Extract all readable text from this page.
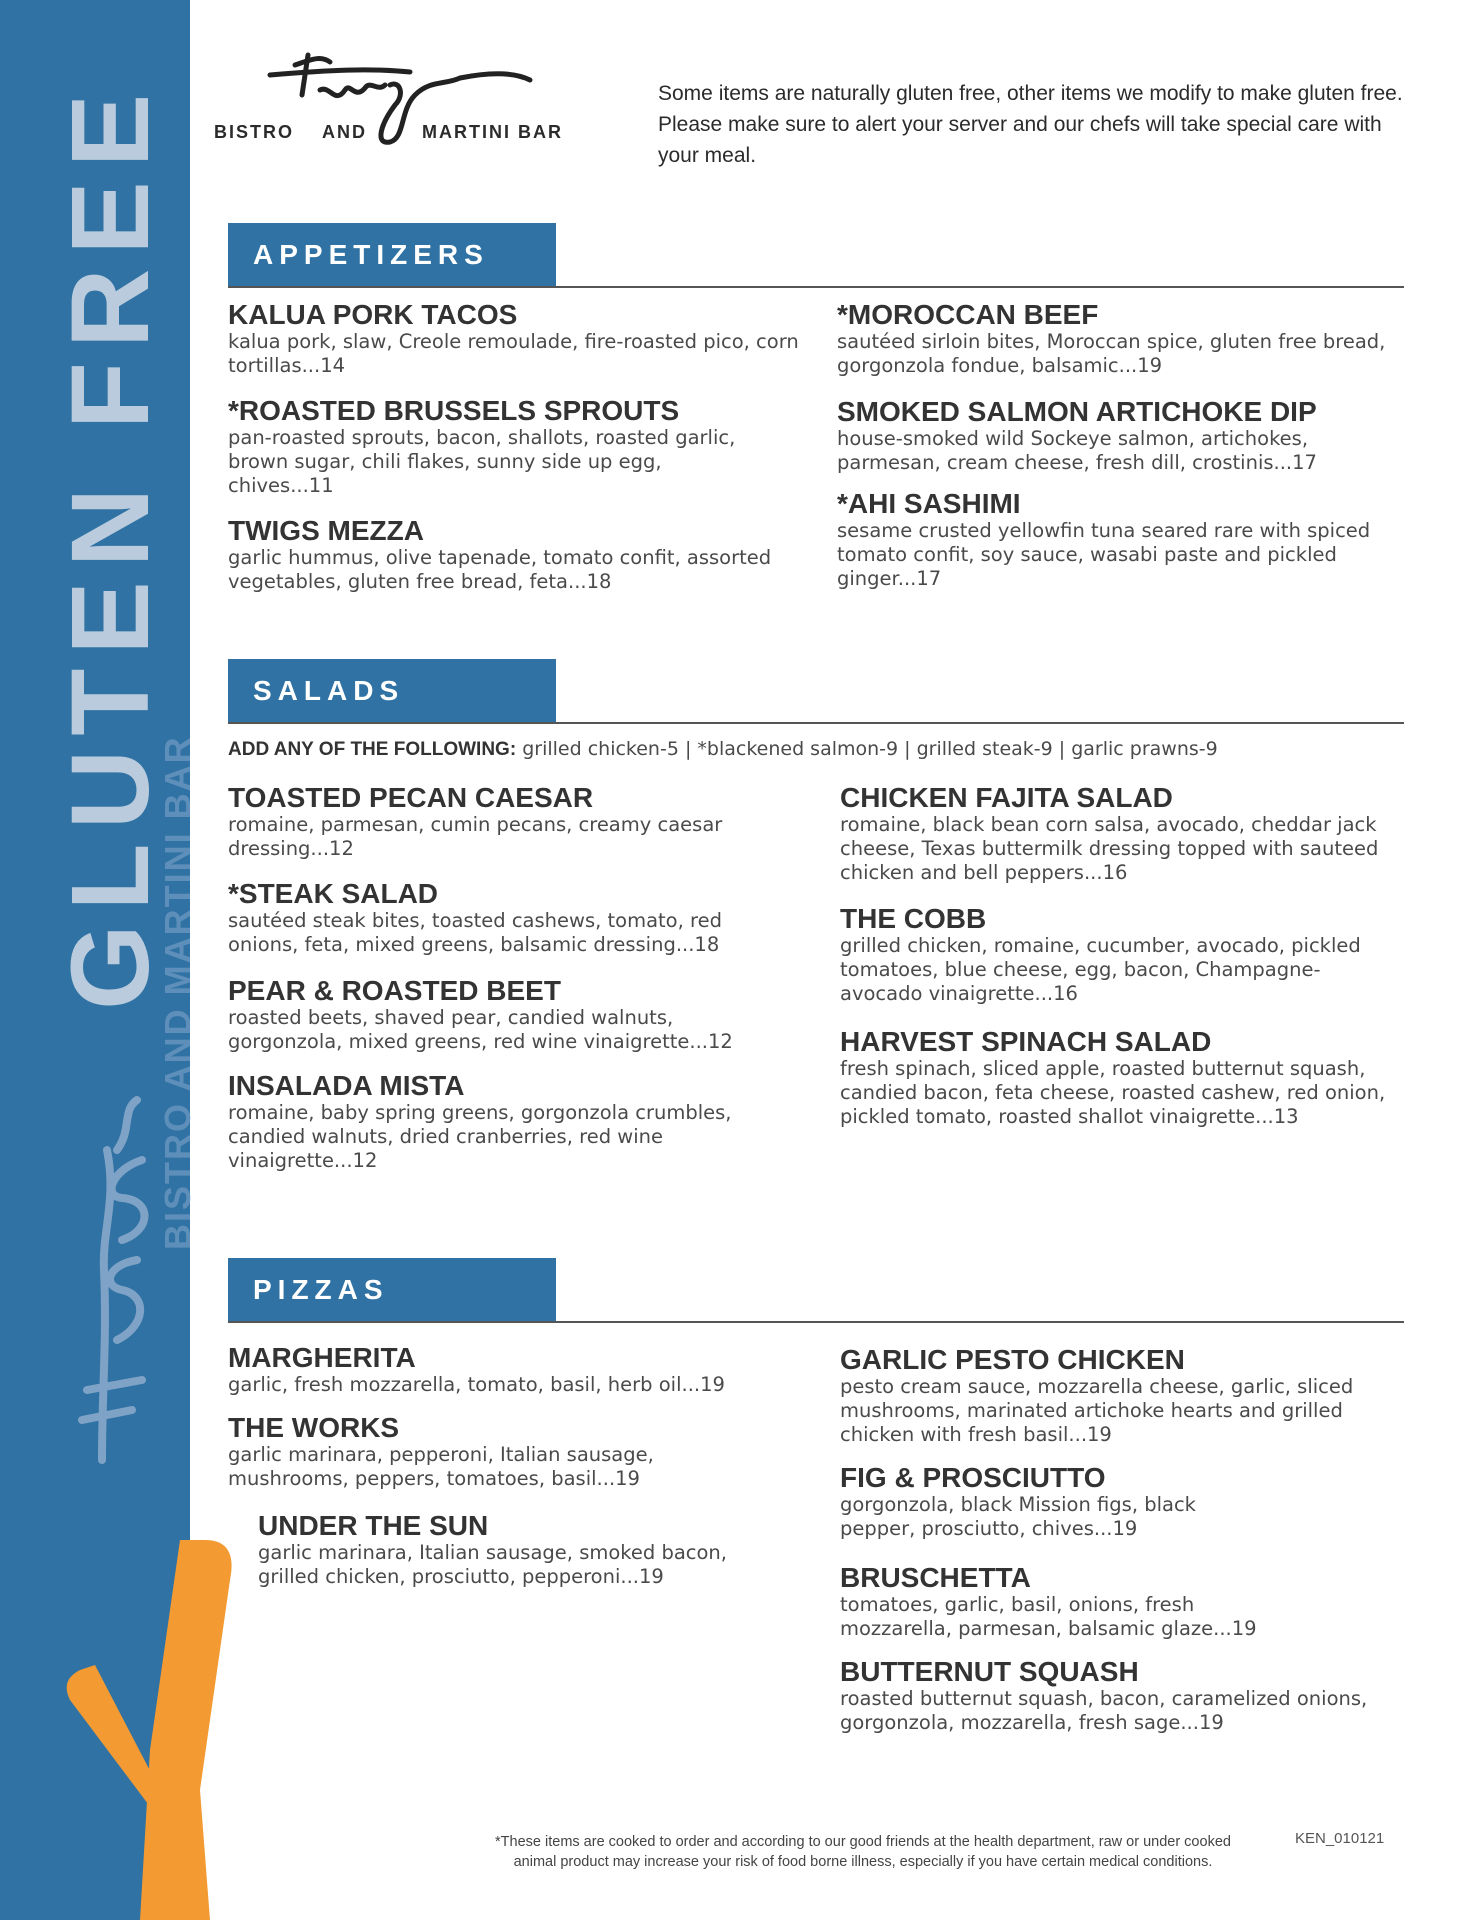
GLUTEN FREE
BISTRO AND MARTINI BAR
BISTRO AND	MARTINI BAR
Some items are naturally gluten free, other items we modify to make gluten free. Please make sure to alert your server and our chefs will take special care with your meal.
APPETIZERS
KALUA PORK TACOS
kalua pork, slaw, Creole remoulade, fire-roasted pico, corn tortillas...14
*ROASTED BRUSSELS SPROUTS
pan-roasted sprouts, bacon, shallots, roasted garlic, brown sugar, chili flakes, sunny side up egg, chives...11
TWIGS MEZZA
garlic hummus, olive tapenade, tomato confit, assorted vegetables, gluten free bread, feta...18
*MOROCCAN BEEF
sautéed sirloin bites, Moroccan spice, gluten free bread, gorgonzola fondue, balsamic...19
SMOKED SALMON ARTICHOKE DIP
house-smoked wild Sockeye salmon, artichokes, parmesan, cream cheese, fresh dill, crostinis...17
*AHI SASHIMI
sesame crusted yellowfin tuna seared rare with spiced tomato confit, soy sauce, wasabi paste and pickled ginger...17
SALADS
ADD ANY OF THE FOLLOWING: grilled chicken-5 | *blackened salmon-9 | grilled steak-9 | garlic prawns-9
TOASTED PECAN CAESAR
romaine, parmesan, cumin pecans, creamy caesar dressing...12
*STEAK SALAD
sautéed steak bites, toasted cashews, tomato, red onions, feta, mixed greens, balsamic dressing...18
PEAR & ROASTED BEET
roasted beets, shaved pear, candied walnuts, gorgonzola, mixed greens, red wine vinaigrette...12
INSALADA MISTA
romaine, baby spring greens, gorgonzola crumbles, candied walnuts, dried cranberries, red wine vinaigrette...12
CHICKEN FAJITA SALAD
romaine, black bean corn salsa, avocado, cheddar jack cheese, Texas buttermilk dressing topped with sauteed chicken and bell peppers...16
THE COBB
grilled chicken, romaine, cucumber, avocado, pickled tomatoes, blue cheese, egg, bacon, Champagne-avocado vinaigrette...16
HARVEST SPINACH SALAD
fresh spinach, sliced apple, roasted butternut squash, candied bacon, feta cheese, roasted cashew, red onion, pickled tomato, roasted shallot vinaigrette...13
PIZZAS
MARGHERITA
garlic, fresh mozzarella, tomato, basil, herb oil...19
THE WORKS
garlic marinara, pepperoni, Italian sausage, mushrooms, peppers, tomatoes, basil...19
UNDER THE SUN
garlic marinara, Italian sausage, smoked bacon, grilled chicken, prosciutto, pepperoni...19
GARLIC PESTO CHICKEN
pesto cream sauce, mozzarella cheese, garlic, sliced mushrooms, marinated artichoke hearts and grilled chicken with fresh basil...19
FIG & PROSCIUTTO
gorgonzola, black Mission figs, black pepper, prosciutto, chives...19
BRUSCHETTA
tomatoes, garlic, basil, onions, fresh mozzarella, parmesan, balsamic glaze...19
BUTTERNUT SQUASH
roasted butternut squash, bacon, caramelized onions, gorgonzola, mozzarella, fresh sage...19
*These items are cooked to order and according to our good friends at the health department, raw or under cooked animal product may increase your risk of food borne illness, especially if you have certain medical conditions.
KEN_010121
